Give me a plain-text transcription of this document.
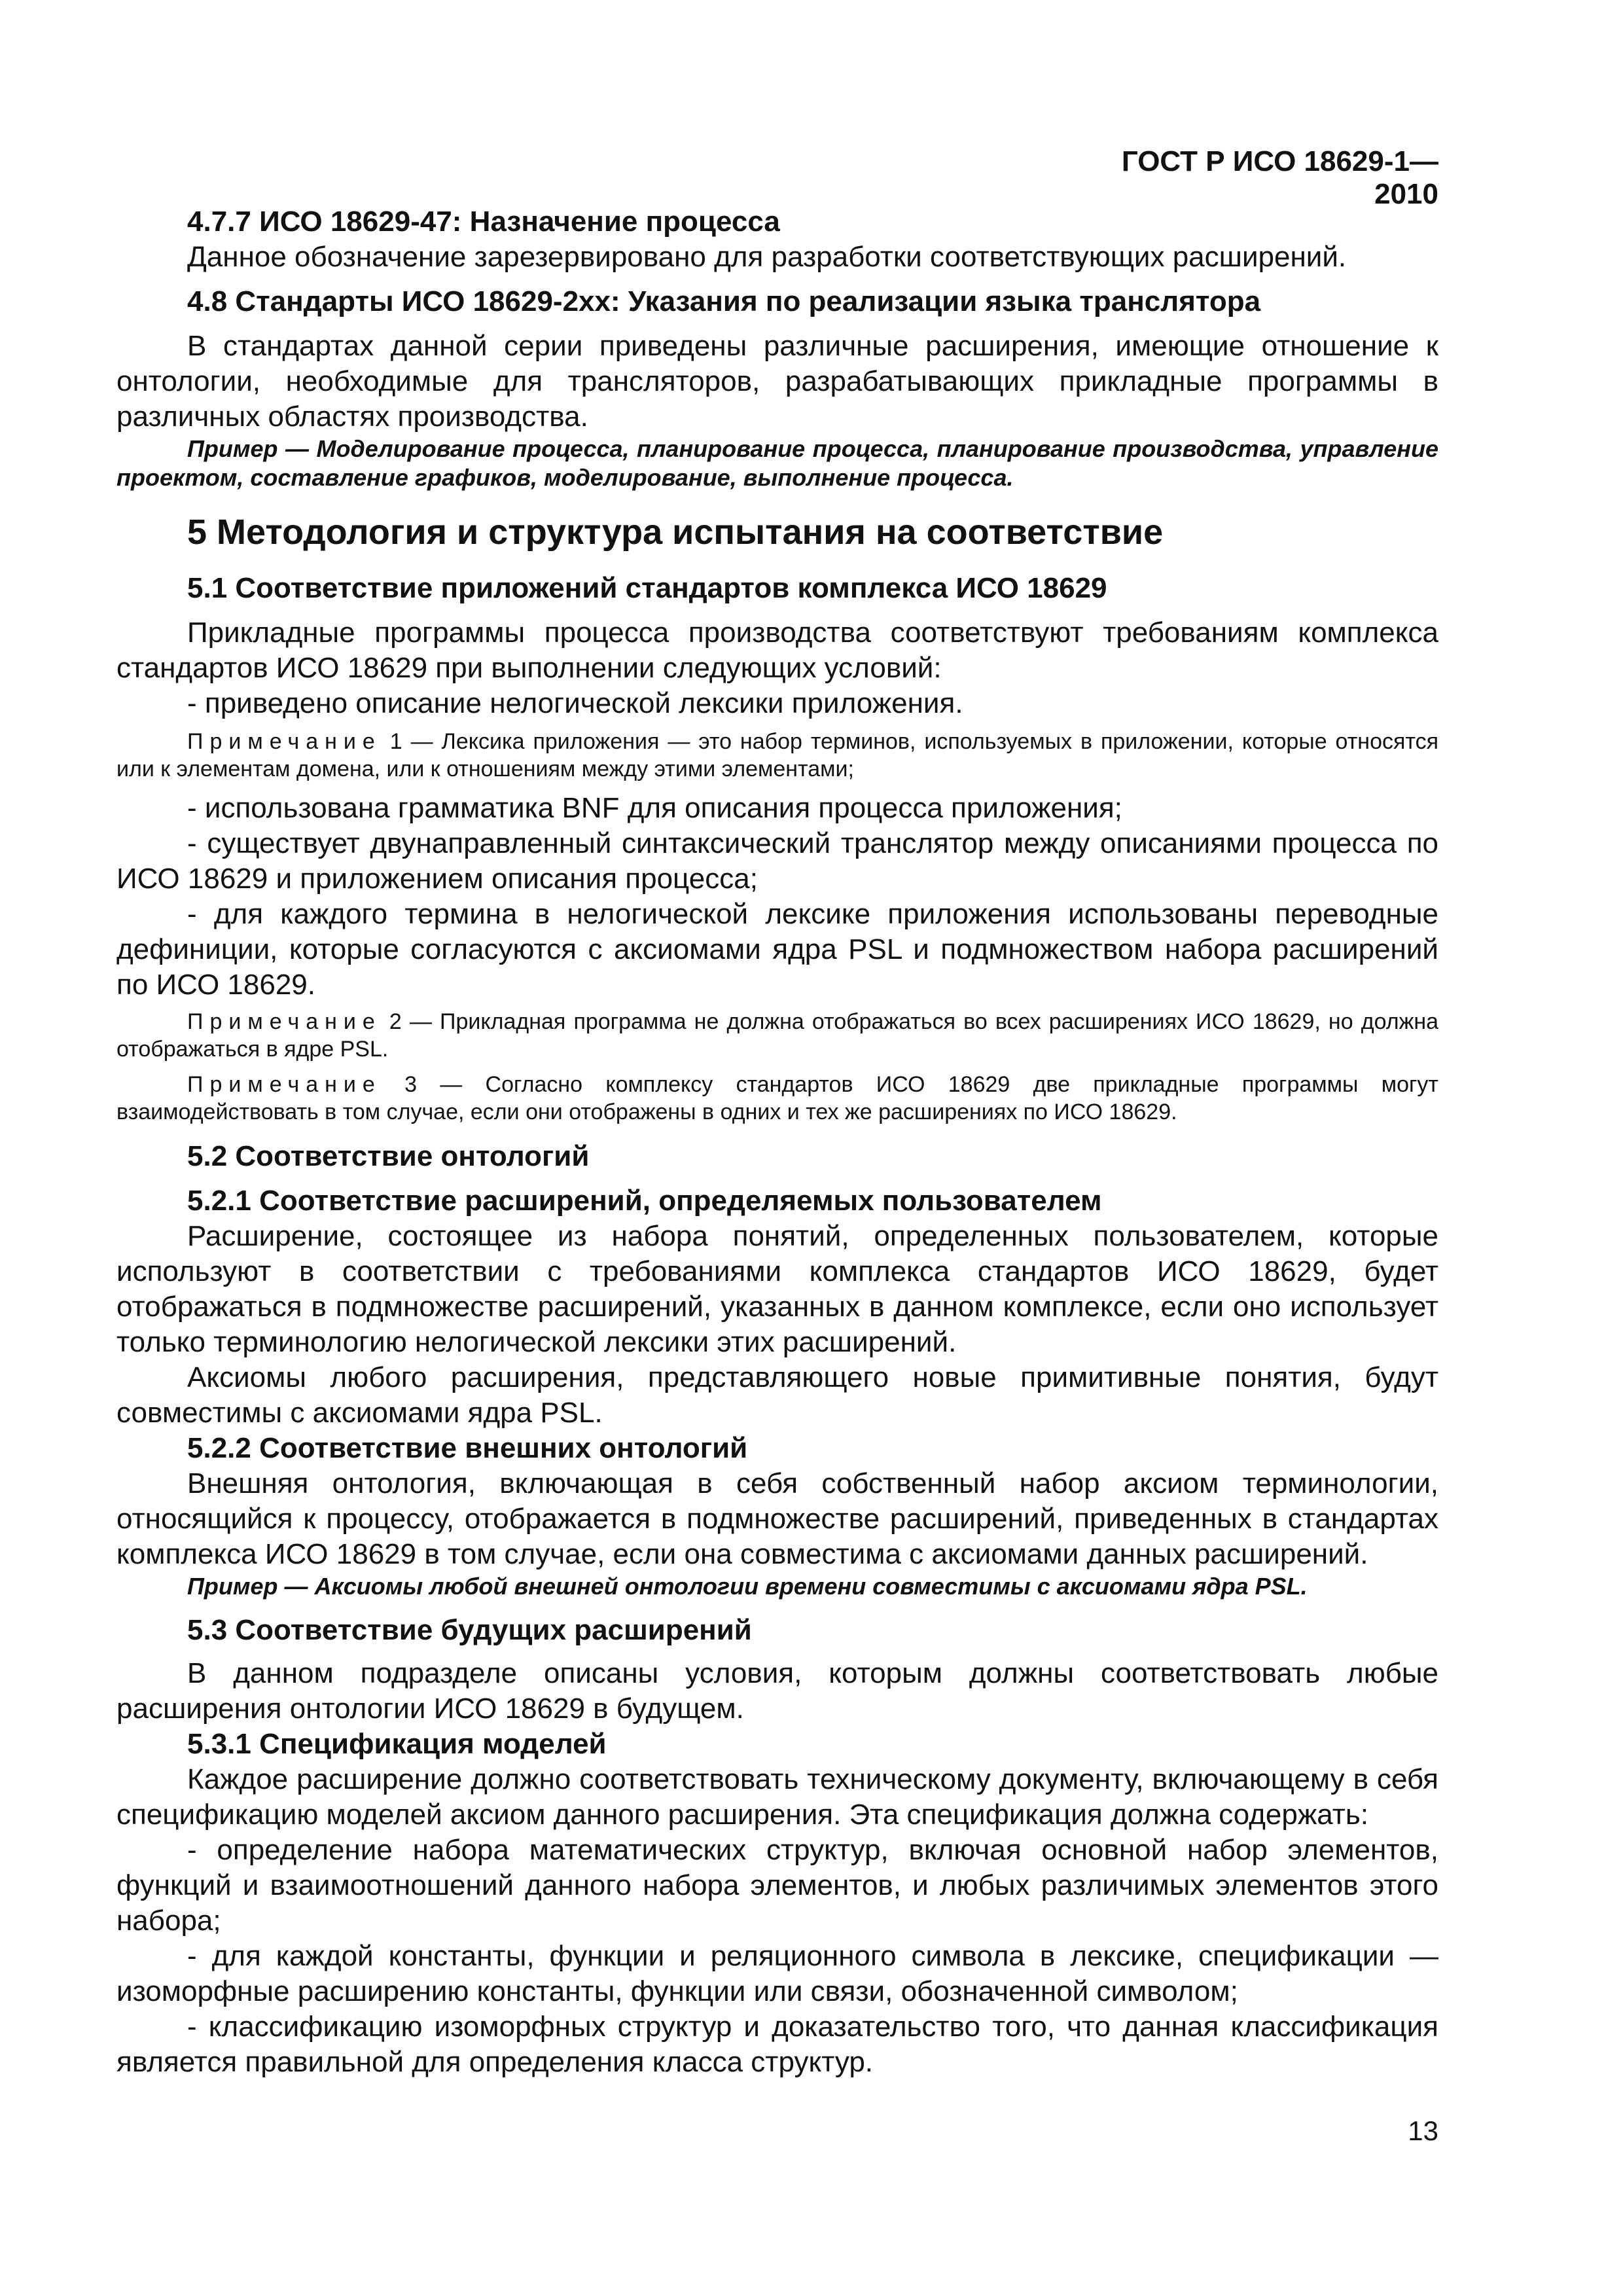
ГОСТ Р ИСО 18629-1—2010

4.7.7 ИСО 18629-47: Назначение процесса

Данное обозначение зарезервировано для разработки соответствующих расширений.

4.8 Стандарты ИСО 18629-2xx: Указания по реализации языка транслятора

В стандартах данной серии приведены различные расширения, имеющие отношение к онтологии, необходимые для трансляторов, разрабатывающих прикладные программы в различных областях производства.

Пример — Моделирование процесса, планирование процесса, планирование производства, управление проектом, составление графиков, моделирование, выполнение процесса.

5 Методология и структура испытания на соответствие

5.1 Соответствие приложений стандартов комплекса ИСО 18629

Прикладные программы процесса производства соответствуют требованиям комплекса стандартов ИСО 18629 при выполнении следующих условий:

- приведено описание нелогической лексики приложения.

Примечание 1 — Лексика приложения — это набор терминов, используемых в приложении, которые относятся или к элементам домена, или к отношениям между этими элементами;

- использована грамматика BNF для описания процесса приложения;

- существует двунаправленный синтаксический транслятор между описаниями процесса по ИСО 18629 и приложением описания процесса;

- для каждого термина в нелогической лексике приложения использованы переводные дефиниции, которые согласуются с аксиомами ядра PSL и подмножеством набора расширений по ИСО 18629.

Примечание 2 — Прикладная программа не должна отображаться во всех расширениях ИСО 18629, но должна отображаться в ядре PSL.

Примечание 3 — Согласно комплексу стандартов ИСО 18629 две прикладные программы могут взаимодействовать в том случае, если они отображены в одних и тех же расширениях по ИСО 18629.

5.2 Соответствие онтологий

5.2.1 Соответствие расширений, определяемых пользователем

Расширение, состоящее из набора понятий, определенных пользователем, которые используют в соответствии с требованиями комплекса стандартов ИСО 18629, будет отображаться в подмножестве расширений, указанных в данном комплексе, если оно использует только терминологию нелогической лексики этих расширений.

Аксиомы любого расширения, представляющего новые примитивные понятия, будут совместимы с аксиомами ядра PSL.

5.2.2 Соответствие внешних онтологий

Внешняя онтология, включающая в себя собственный набор аксиом терминологии, относящийся к процессу, отображается в подмножестве расширений, приведенных в стандартах комплекса ИСО 18629 в том случае, если она совместима с аксиомами данных расширений.

Пример — Аксиомы любой внешней онтологии времени совместимы с аксиомами ядра PSL.

5.3 Соответствие будущих расширений

В данном подразделе описаны условия, которым должны соответствовать любые расширения онтологии ИСО 18629 в будущем.

5.3.1 Спецификация моделей

Каждое расширение должно соответствовать техническому документу, включающему в себя спецификацию моделей аксиом данного расширения. Эта спецификация должна содержать:

- определение набора математических структур, включая основной набор элементов, функций и взаимоотношений данного набора элементов, и любых различимых элементов этого набора;

- для каждой константы, функции и реляционного символа в лексике, спецификации — изоморфные расширению константы, функции или связи, обозначенной символом;

- классификацию изоморфных структур и доказательство того, что данная классификация является правильной для определения класса структур.

13
